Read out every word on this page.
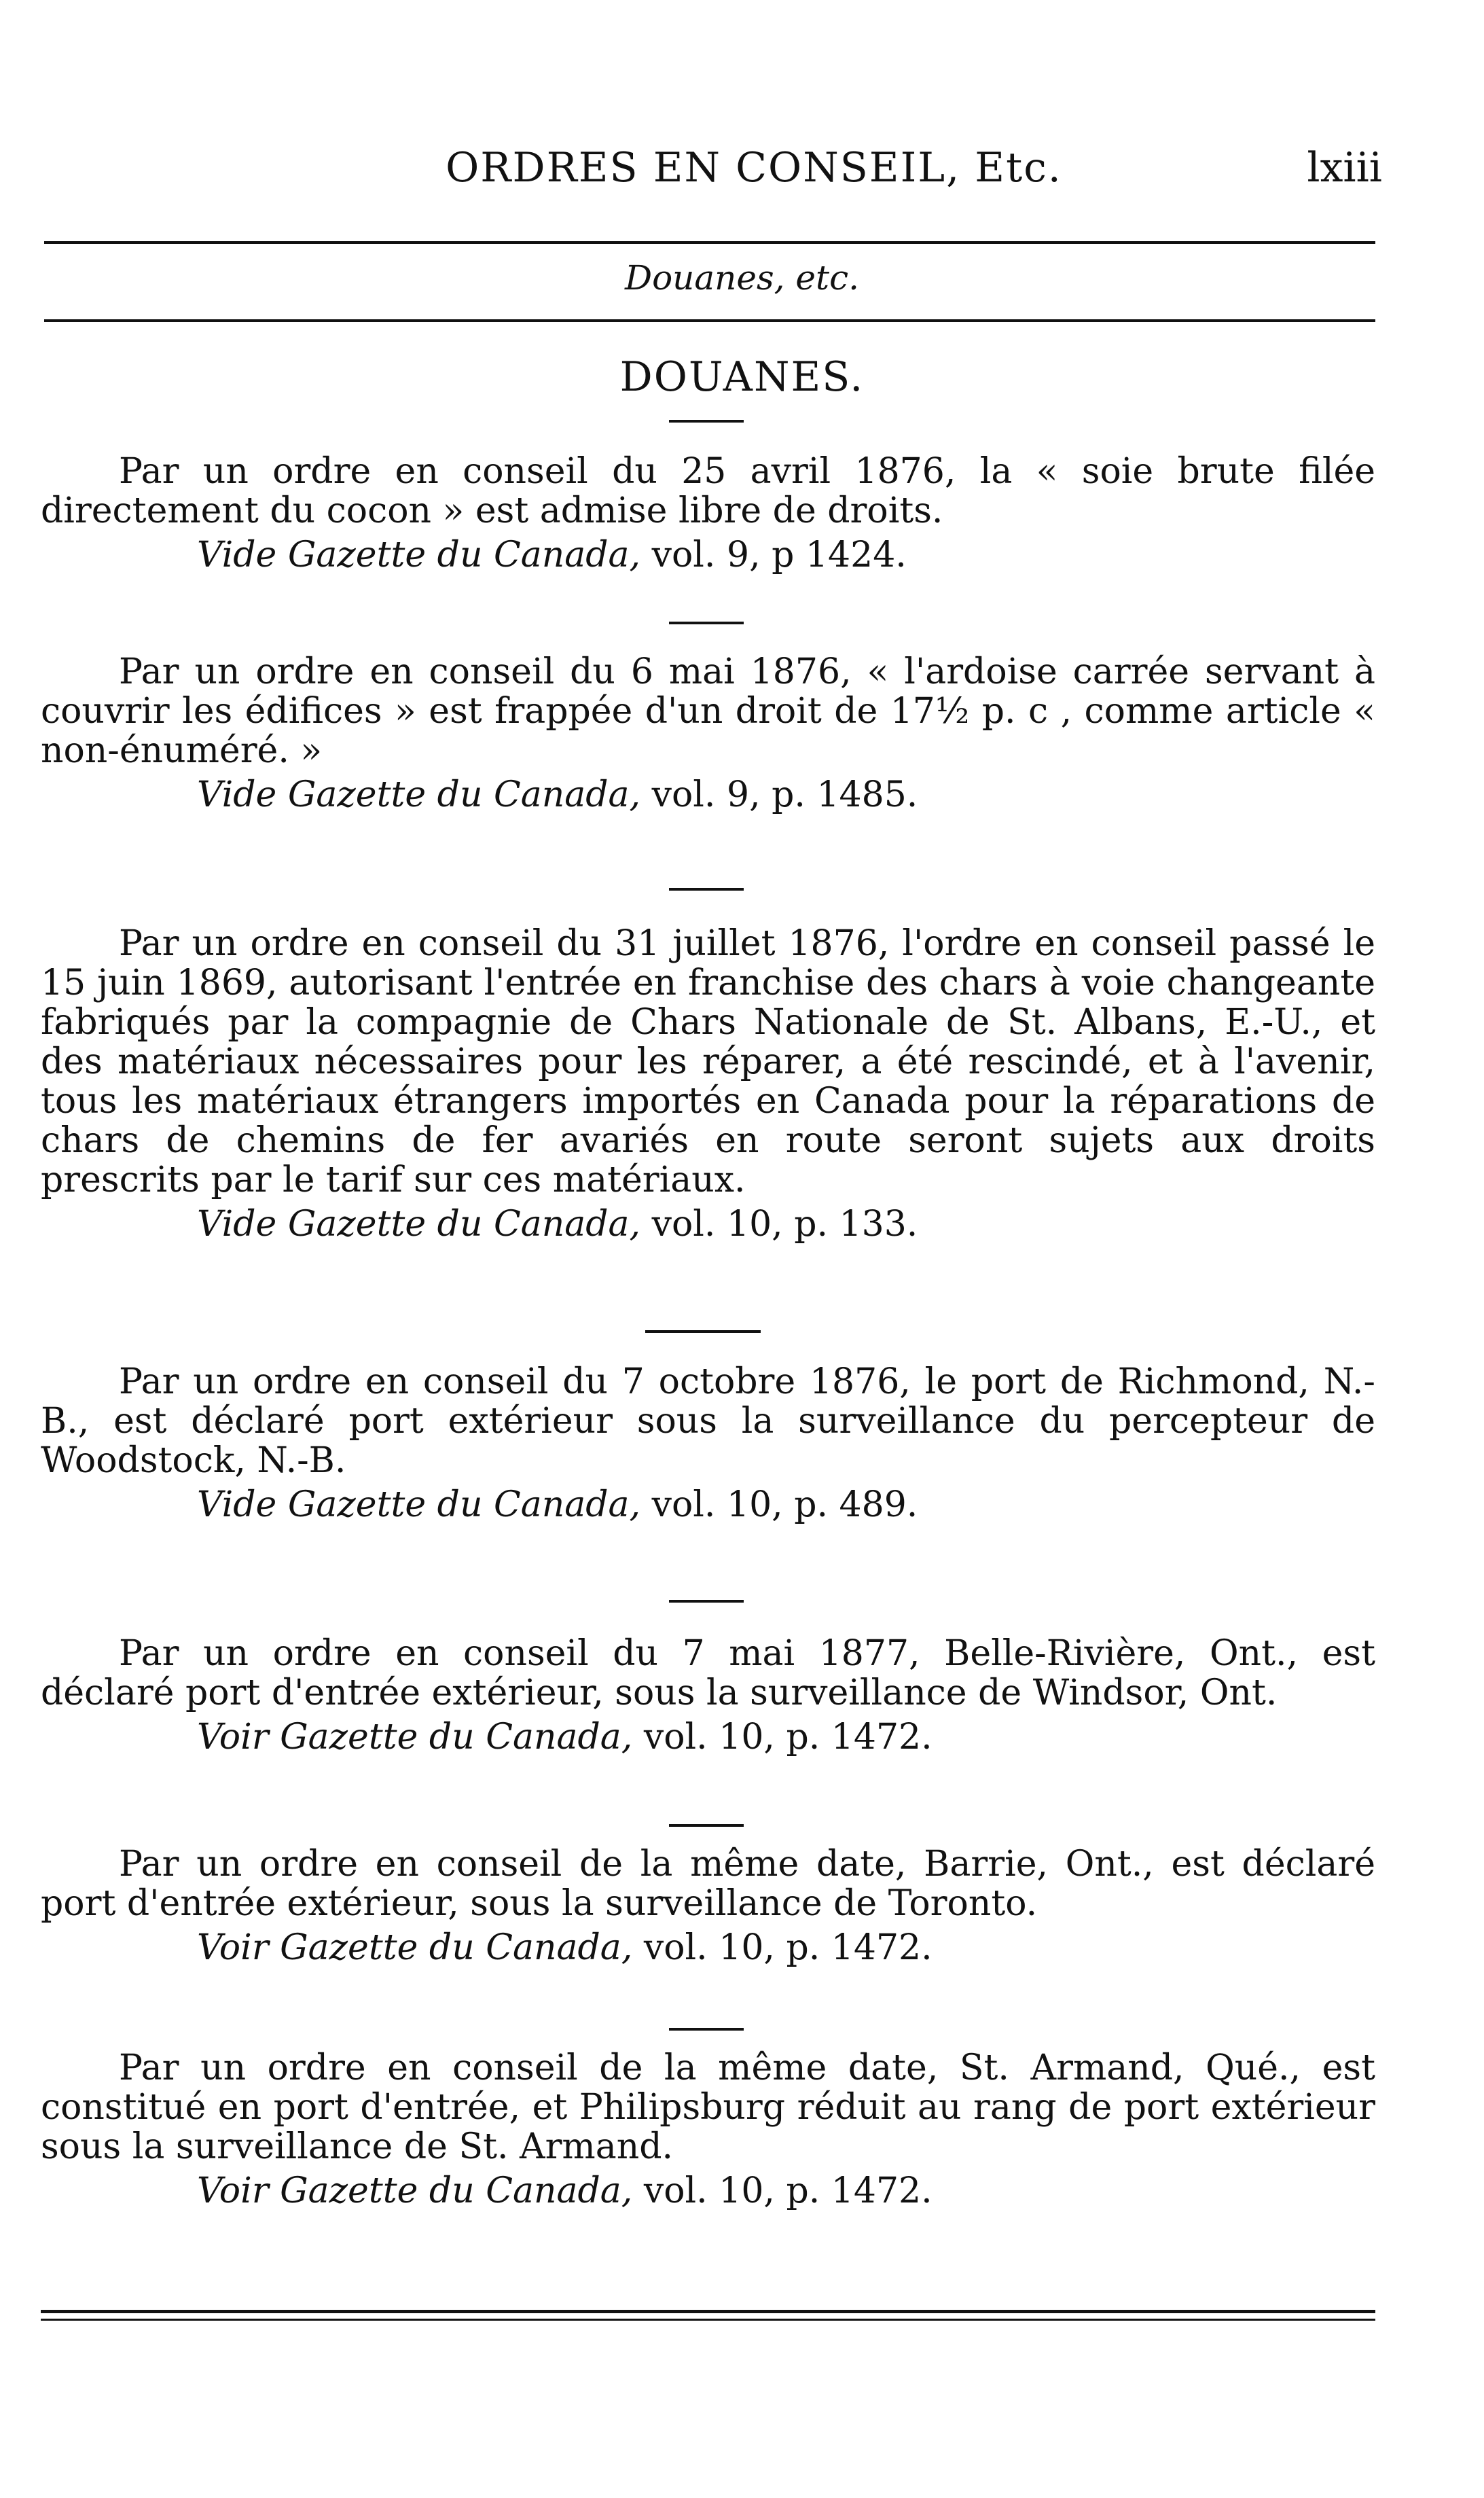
ORDRES EN CONSEIL, Etc.	lxiii
Douanes, etc.
DOUANES.

Par un ordre en conseil du 25 avril 1876, la « soie brute filée directement du cocon » est admise libre de droits.

Vide Gazette du Canada, vol. 9, p 1424.

Par un ordre en conseil du 6 mai 1876, « l'ardoise carrée servant à couvrir les édifices » est frappée d'un droit de 17½ p. c , comme article « non-énuméré. »

Vide Gazette du Canada, vol. 9, p. 1485.

Par un ordre en conseil du 31 juillet 1876, l'ordre en conseil passé le 15 juin 1869, autorisant l'entrée en franchise des chars à voie changeante fabriqués par la compagnie de Chars Nationale de St. Albans, E.-U., et des matériaux nécessaires pour les réparer, a été rescindé, et à l'avenir, tous les matériaux étrangers importés en Canada pour la réparations de chars de chemins de fer avariés en route seront sujets aux droits prescrits par le tarif sur ces matériaux.

Vide Gazette du Canada, vol. 10, p. 133.

Par un ordre en conseil du 7 octobre 1876, le port de Richmond, N.-B., est déclaré port extérieur sous la surveillance du percepteur de Woodstock, N.-B.

Vide Gazette du Canada, vol. 10, p. 489.

Par un ordre en conseil du 7 mai 1877, Belle-Rivière, Ont., est déclaré port d'entrée extérieur, sous la surveillance de Windsor, Ont.

Voir Gazette du Canada, vol. 10, p. 1472.

Par un ordre en conseil de la même date, Barrie, Ont., est déclaré port d'entrée extérieur, sous la surveillance de Toronto.

Voir Gazette du Canada, vol. 10, p. 1472.

Par un ordre en conseil de la même date, St. Armand, Qué., est constitué en port d'entrée, et Philipsburg réduit au rang de port extérieur sous la surveillance de St. Armand.

Voir Gazette du Canada, vol. 10, p. 1472.
